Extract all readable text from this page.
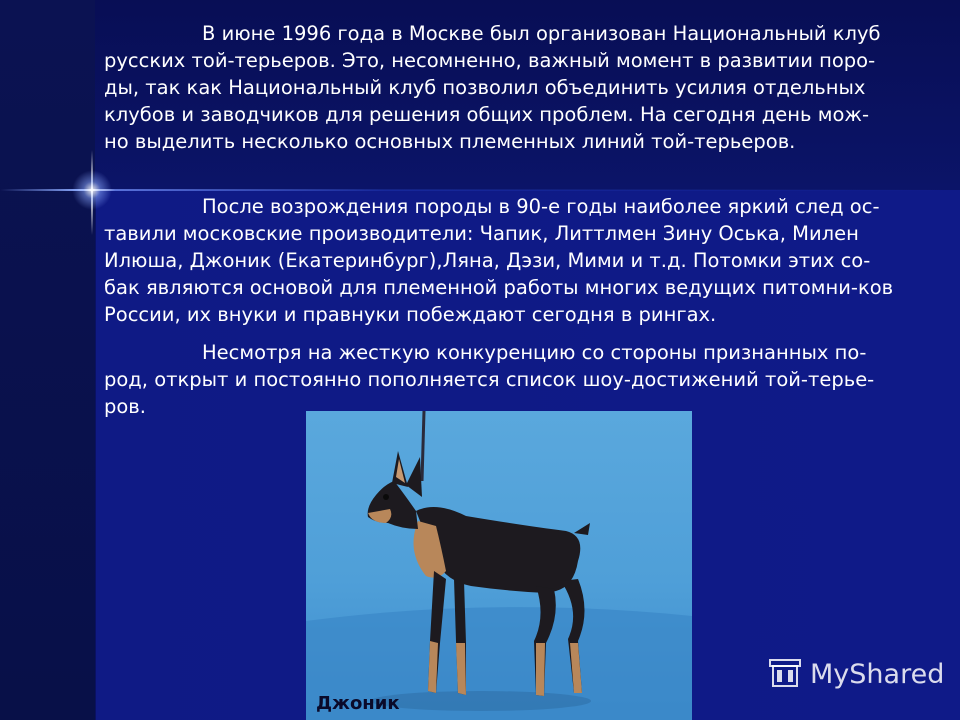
В июне 1996 года в Москве был организован Национальный клуб
русских той-терьеров. Это, несомненно, важный момент в развитии поро-
ды, так как Национальный клуб позволил объединить усилия отдельных
клубов и заводчиков для решения общих проблем. На сегодня день мож-
но выделить несколько основных племенных линий той-терьеров.
После возрождения породы в 90-е годы наиболее яркий след ос-
тавили московские производители: Чапик, Литтлмен Зину Оська, Милен
Илюша, Джоник (Екатеринбург),Ляна, Дэзи, Мими и т.д. Потомки этих со-
бак являются основой для племенной работы многих ведущих питомни-ков
России, их внуки и правнуки побеждают сегодня в рингах.
Несмотря на жесткую конкуренцию со стороны признанных по-
род, открыт и постоянно пополняется список шоу-достижений той-терье-
ров.
Джоник
MyShared
